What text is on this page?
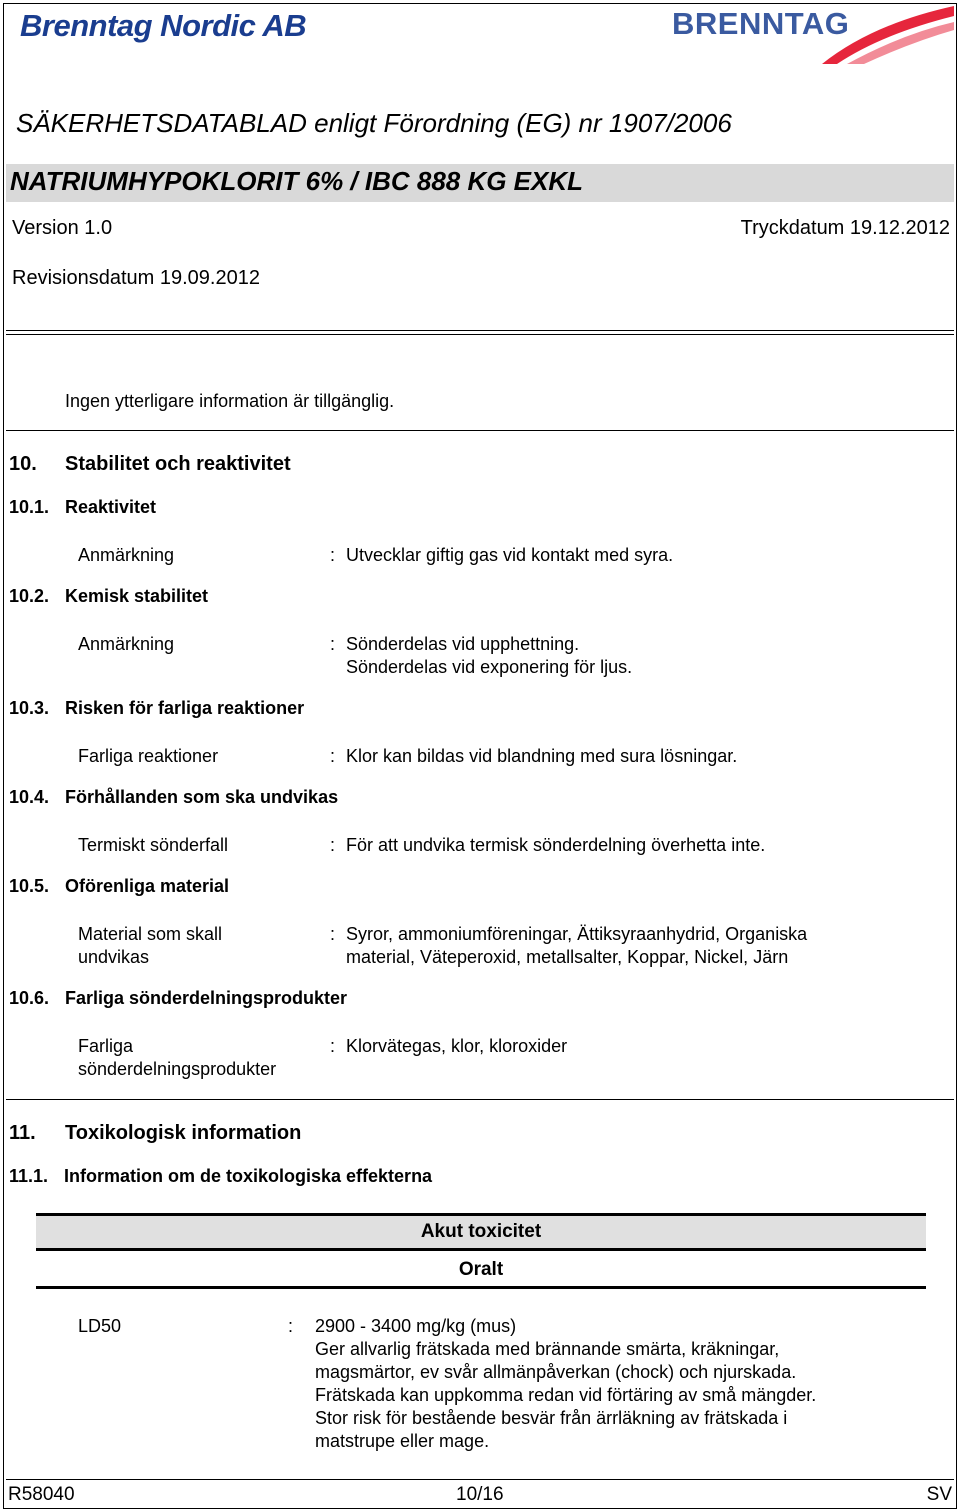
Brenntag Nordic AB	BRENNTAG
SÄKERHETSDATABLAD enligt Förordning (EG) nr 1907/2006
NATRIUMHYPOKLORIT 6% / IBC 888 KG EXKL
Version 1.0	Tryckdatum 19.12.2012
Revisionsdatum 19.09.2012
Ingen ytterligare information är tillgänglig.
10. Stabilitet och reaktivitet
10.1. Reaktivitet
Anmärkning	: Utvecklar giftig gas vid kontakt med syra.
10.2. Kemisk stabilitet
Anmärkning	: Sönderdelas vid upphettning.
Sönderdelas vid exponering för ljus.
10.3. Risken för farliga reaktioner
Farliga reaktioner	: Klor kan bildas vid blandning med sura lösningar.
10.4. Förhållanden som ska undvikas
Termiskt sönderfall	: För att undvika termisk sönderdelning överhetta inte.
10.5. Oförenliga material
Material som skall
undvikas
: Syror, ammoniumföreningar, Ättiksyraanhydrid, Organiska
material, Väteperoxid, metallsalter, Koppar, Nickel, Järn
10.6. Farliga sönderdelningsprodukter
Farliga
sönderdelningsprodukter
: Klorvätegas, klor, kloroxider
11. Toxikologisk information
11.1. Information om de toxikologiska effekterna
Akut toxicitet
Oralt
LD50	: 2900 - 3400 mg/kg (mus)
Ger allvarlig frätskada med brännande smärta, kräkningar,
magsmärtor, ev svår allmänpåverkan (chock) och njurskada.
Frätskada kan uppkomma redan vid förtäring av små mängder.
Stor risk för bestående besvär från ärrläkning av frätskada i
matstrupe eller mage.
R58040	10/16	SV
